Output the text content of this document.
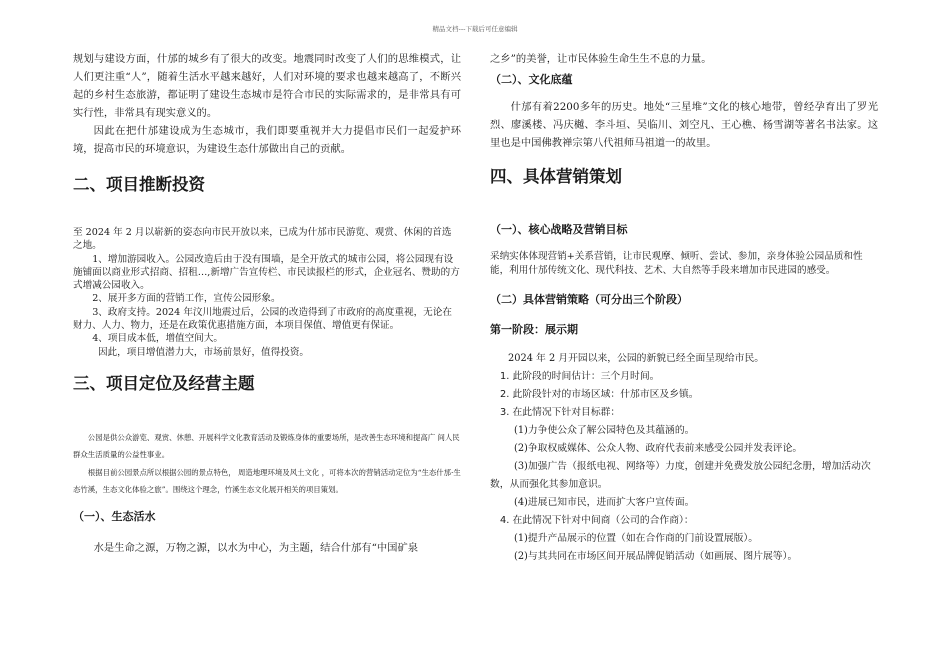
精品文档---下载后可任意编辑

规划与建设方面，什邡的城乡有了很大的改变。地震同时改变了人们的思维模式，让人们更注重“人”，随着生活水平越来越好，人们对环境的要求也越来越高了，不断兴起的乡村生态旅游，都证明了建设生态城市是符合市民的实际需求的，是非常具有可实行性，非常具有现实意义的。

因此在把什邡建设成为生态城市，我们即要重视并大力提倡市民们一起爱护环境，提高市民的环境意识，为建设生态什邡做出自己的贡献。

二、项目推断投资

至 2024 年 2 月以崭新的姿态向市民开放以来，已成为什邡市民游览、观赏、休闲的首选之地。

1、增加游园收入。公园改造后由于没有围墙，是全开放式的城市公园，将公园现有设施铺面以商业形式招商、招租…,新增广告宣传栏、市民读报栏的形式，企业冠名、赞助的方式增减公园收入。

2、展开多方面的营销工作，宣传公园形象。

3、政府支持。2024 年汶川地震过后，公园的改造得到了市政府的高度重视，无论在财力、人力、物力，还是在政策优惠措施方面，本项目保值、增值更有保证。

4、项目成本低，增值空间大。

因此，项目增值潜力大，市场前景好，值得投资。

三、项目定位及经营主题

公园是供公众游览、观赏、休憩、开展科学文化教育活动及锻炼身体的重要场所，是改善生态环境和提高广 间人民群众生活质量的公益性事业。

根据目前公园景点所以根据公园的景点特色， 周造地理环境及风土文化 ，可将本次的营销活动定位为“生态什邡·生态竹溪，生态文化体验之旅”。围绕这个理念，竹溪生态文化展开相关的项目策划。

（一）、生态活水

水是生命之源，万物之源，以水为中心，为主题，结合什邡有“中国矿泉

之乡”的美誉，让市民体验生命生生不息的力量。

（二）、文化底蕴

什邡有着2200多年的历史。地处“三星堆”文化的核心地带，曾经孕育出了罗光烈、廖溪楼、冯庆樾、李斗垣、吴临川、刘空凡、王心樵、杨雪湖等著名书法家。这里也是中国佛教禅宗第八代祖师马祖道一的故里。

四、具体营销策划
（一）、核心战略及营销目标

采纳实体体现营销+关系营销，让市民观摩、倾听、尝试、参加，亲身体验公园品质和性能，利用什邡传统文化、现代科技、艺术、大自然等手段来增加市民进园的感受。

（二）具体营销策略（可分出三个阶段）
第一阶段：展示期

2024 年 2 月开园以来，公园的新貌已经全面呈现给市民。

1. 此阶段的时间估计：三个月时间。

2. 此阶段针对的市场区域：什邡市区及乡镇。

3. 在此情况下针对目标群：

(1)力争使公众了解公园特色及其蕴涵的。

(2)争取权威媒体、公众人物、政府代表前来感受公园并发表评论。

(3)加强广告（报纸电视、网络等）力度，创建并免费发放公园纪念册，增加活动次数，从而强化其参加意识。

(4)进展已知市民，进而扩大客户宣传面。

4. 在此情况下针对中间商（公司的合作商）：

(1)提升产品展示的位置（如在合作商的门前设置展版）。

(2)与其共同在市场区间开展品牌促销活动（如画展、图片展等）。
